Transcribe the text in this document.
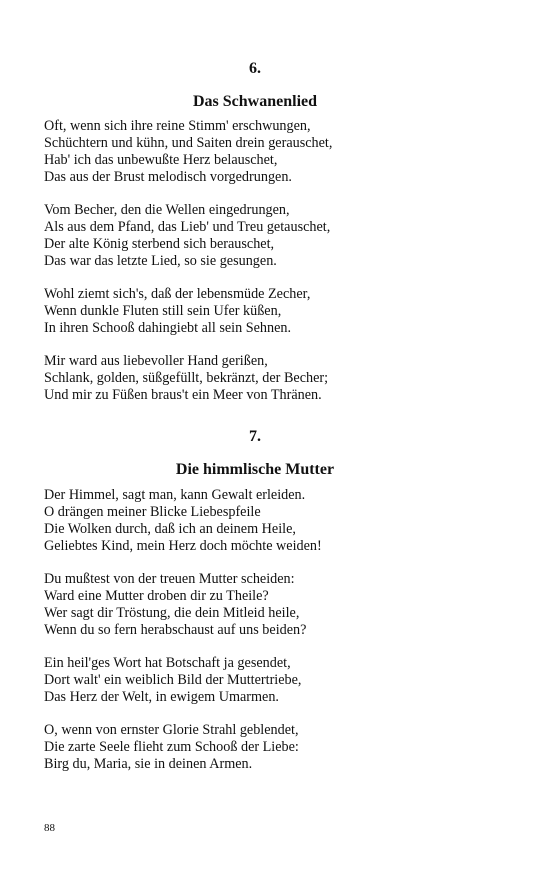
6.
Das Schwanenlied
Oft, wenn sich ihre reine Stimm' erschwungen,
Schüchtern und kühn, und Saiten drein gerauschet,
Hab' ich das unbewußte Herz belauschet,
Das aus der Brust melodisch vorgedrungen.
Vom Becher, den die Wellen eingedrungen,
Als aus dem Pfand, das Lieb' und Treu getauschet,
Der alte König sterbend sich berauschet,
Das war das letzte Lied, so sie gesungen.
Wohl ziemt sich's, daß der lebensmüde Zecher,
Wenn dunkle Fluten still sein Ufer küßen,
In ihren Schooß dahingiebt all sein Sehnen.
Mir ward aus liebevoller Hand gerißen,
Schlank, golden, süßgefüllt, bekränzt, der Becher;
Und mir zu Füßen braus't ein Meer von Thränen.
7.
Die himmlische Mutter
Der Himmel, sagt man, kann Gewalt erleiden.
O drängen meiner Blicke Liebespfeile
Die Wolken durch, daß ich an deinem Heile,
Geliebtes Kind, mein Herz doch möchte weiden!
Du mußtest von der treuen Mutter scheiden:
Ward eine Mutter droben dir zu Theile?
Wer sagt dir Tröstung, die dein Mitleid heile,
Wenn du so fern herabschaust auf uns beiden?
Ein heil'ges Wort hat Botschaft ja gesendet,
Dort walt' ein weiblich Bild der Muttertriebe,
Das Herz der Welt, in ewigem Umarmen.
O, wenn von ernster Glorie Strahl geblendet,
Die zarte Seele flieht zum Schooß der Liebe:
Birg du, Maria, sie in deinen Armen.
88
